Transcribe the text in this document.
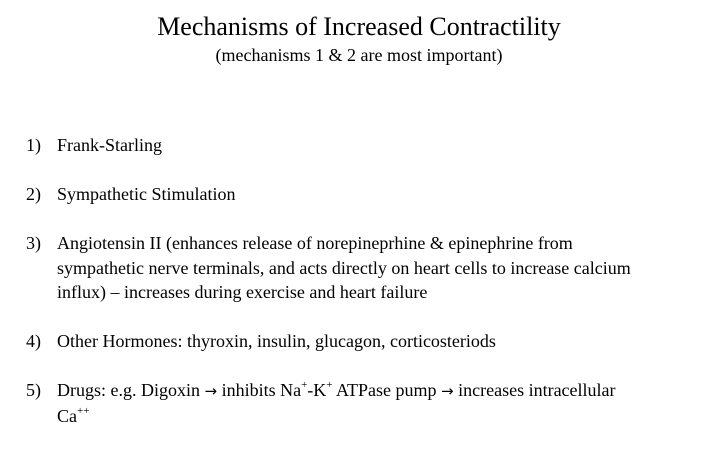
Mechanisms of Increased Contractility
(mechanisms 1 & 2 are most important)
1) Frank-Starling
2) Sympathetic Stimulation
3) Angiotensin II (enhances release of norepineprhine & epinephrine from
sympathetic nerve terminals, and acts directly on heart cells to increase calcium
influx) – increases during exercise and heart failure
4) Other Hormones: thyroxin, insulin, glucagon, corticosteriods
5) Drugs: e.g. Digoxin → inhibits Na+-K+ ATPase pump → increases intracellular
Ca++
